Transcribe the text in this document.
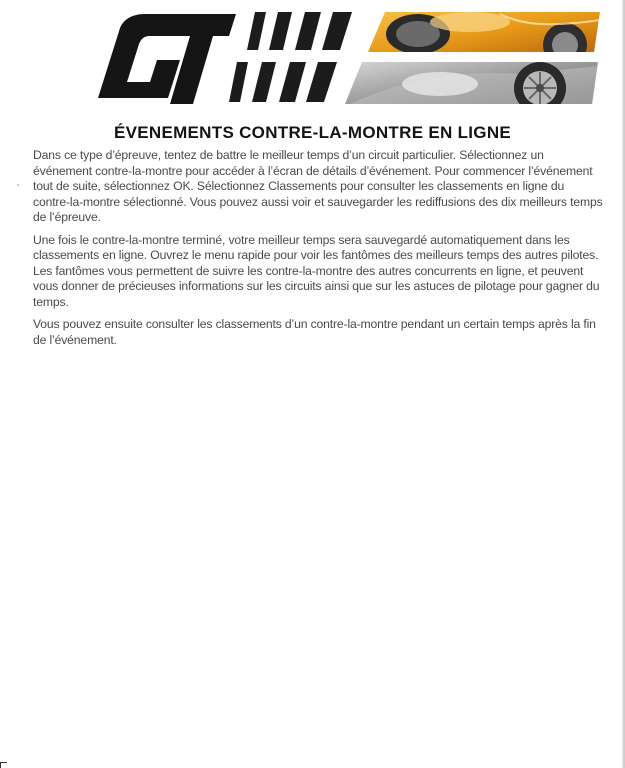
ÉVENEMENTS CONTRE-LA-MONTRE EN LIGNE

Dans ce type d’épreuve, tentez de battre le meilleur temps d’un circuit particulier. Sélectionnez un événement contre-la-montre pour accéder à l’écran de détails d’événement. Pour commencer l’événement tout de suite, sélectionnez OK. Sélectionnez Classements pour consulter les classements en ligne du contre-la-montre sélectionné. Vous pouvez aussi voir et sauvegarder les rediffusions des dix meilleurs temps de l’épreuve.

Une fois le contre-la-montre terminé, votre meilleur temps sera sauvegardé automatiquement dans les classements en ligne. Ouvrez le menu rapide pour voir les fantômes des meilleurs temps des autres pilotes. Les fantômes vous permettent de suivre les contre-la-montre des autres concurrents en ligne, et peuvent vous donner de précieuses informations sur les circuits ainsi que sur les astuces de pilotage pour gagner du temps.

Vous pouvez ensuite consulter les classements d’un contre-la-montre pendant un certain temps après la fin de l’événement.
